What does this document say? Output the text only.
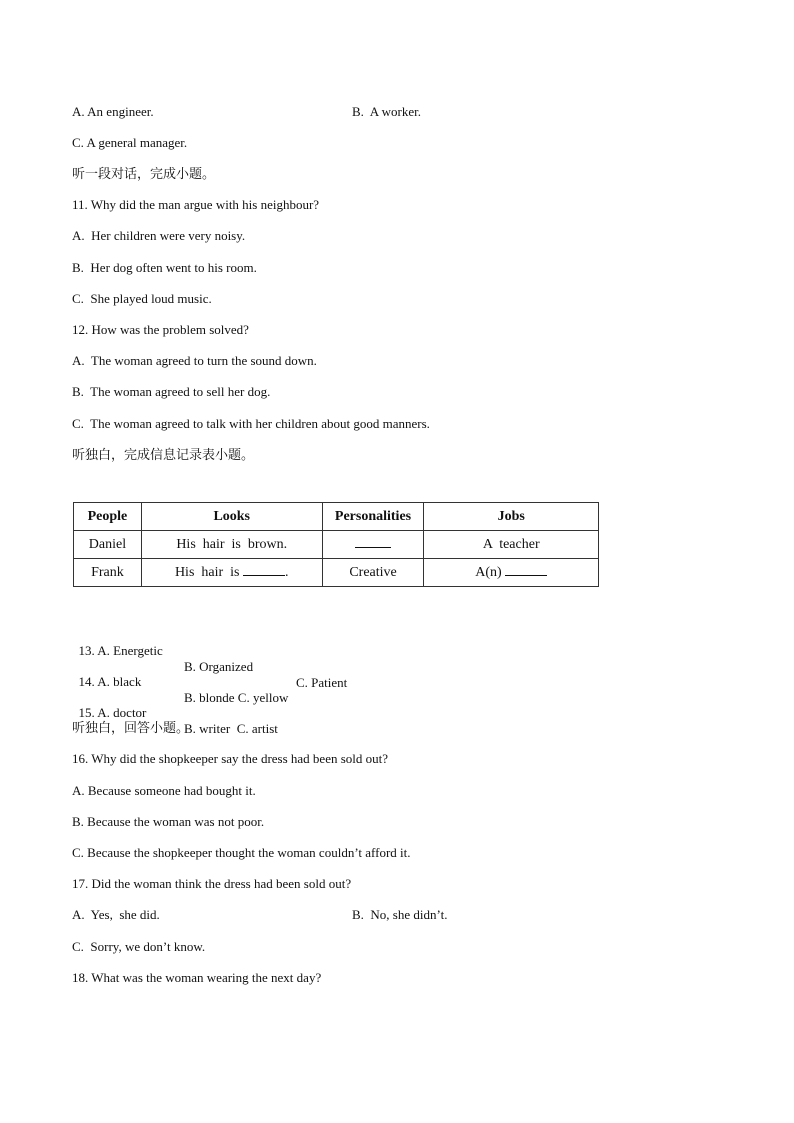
A. An engineer.	B.  A worker.
C. A general manager.
听一段对话，完成小题。
11. Why did the man argue with his neighbour?
A.  Her children were very noisy.
B.  Her dog often went to his room.
C.  She played loud music.
12. How was the problem solved?
A.  The woman agreed to turn the sound down.
B.  The woman agreed to sell her dog.
C.  The woman agreed to talk with her children about good manners.
听独白，完成信息记录表小题。
People	Looks	Personalities	Jobs
Daniel	His  hair  is  brown.		A  teacher
Frank	His  hair  is .	Creative	A(n)

13. A. Energetic

B. Organized

C. Patient

14. A. black

B. blonde C. yellow

15. A. doctor

B. writer  C. artist

听独白，回答小题。
16. Why did the shopkeeper say the dress had been sold out?
A. Because someone had bought it.
B. Because the woman was not poor.
C. Because the shopkeeper thought the woman couldn’t afford it.
17. Did the woman think the dress had been sold out?
A.  Yes,  she did.	B.  No, she didn’t.
C.  Sorry, we don’t know.
18. What was the woman wearing the next day?
